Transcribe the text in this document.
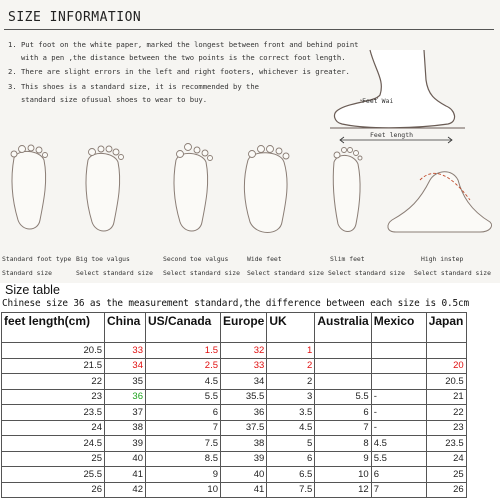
SIZE INFORMATION
1. Put foot on the white paper, marked the longest between front and behind point
with a pen ,the distance between the two points is the correct foot length.
2. There are slight errors in the left and right footers, whichever is greater.
3. This shoes is a standard size, it is recommended by the
standard size ofusual shoes to wear to buy.	Feet Wai
Feet length
Standard foot type
Standard size
Big toe valgus
Select standard size
Second toe valgus
Select standard size
Wide feet
Select standard size
Slim feet
Select standard size
High instep
Select standard size
Size table
Chinese size 36 as the measurement standard,the difference between each size is 0.5cm
feet length(cm)	China	US/Canada	Europe	UK	Australia	Mexico	Japan
20.5	33	1.5	32	1			
21.5	34	2.5	33	2			20
22	35	4.5	34	2			20.5
23	36	5.5	35.5	3	5.5	-	21
23.5	37	6	36	3.5	6	-	22
24	38	7	37.5	4.5	7	-	23
24.5	39	7.5	38	5	8	4.5	23.5
25	40	8.5	39	6	9	5.5	24
25.5	41	9	40	6.5	10	6	25
26	42	10	41	7.5	12	7	26
